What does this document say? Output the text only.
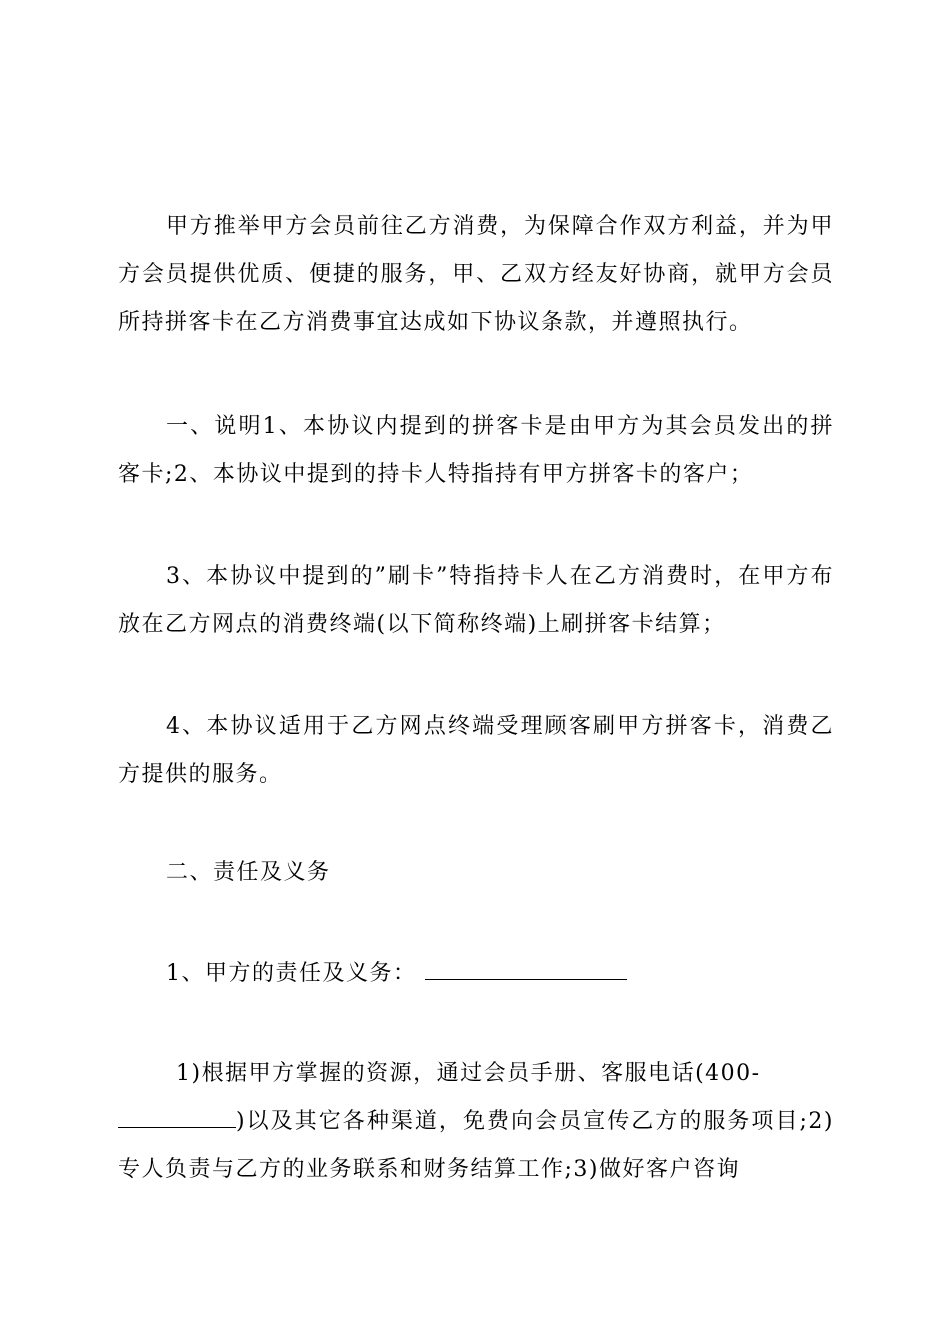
甲方推举甲方会员前往乙方消费，为保障合作双方利益，并为甲方会员提供优质、便捷的服务，甲、乙双方经友好协商，就甲方会员所持拼客卡在乙方消费事宜达成如下协议条款，并遵照执行。

一、说明1、本协议内提到的拼客卡是由甲方为其会员发出的拼客卡;2、本协议中提到的持卡人特指持有甲方拼客卡的客户；

3、本协议中提到的”刷卡”特指持卡人在乙方消费时，在甲方布放在乙方网点的消费终端(以下简称终端)上刷拼客卡结算；

4、本协议适用于乙方网点终端受理顾客刷甲方拼客卡，消费乙方提供的服务。

二、责任及义务

1、甲方的责任及义务：

1)根据甲方掌握的资源，通过会员手册、客服电话(400-
)以及其它各种渠道，免费向会员宣传乙方的服务项目;2)专人负责与乙方的业务联系和财务结算工作;3)做好客户咨询
